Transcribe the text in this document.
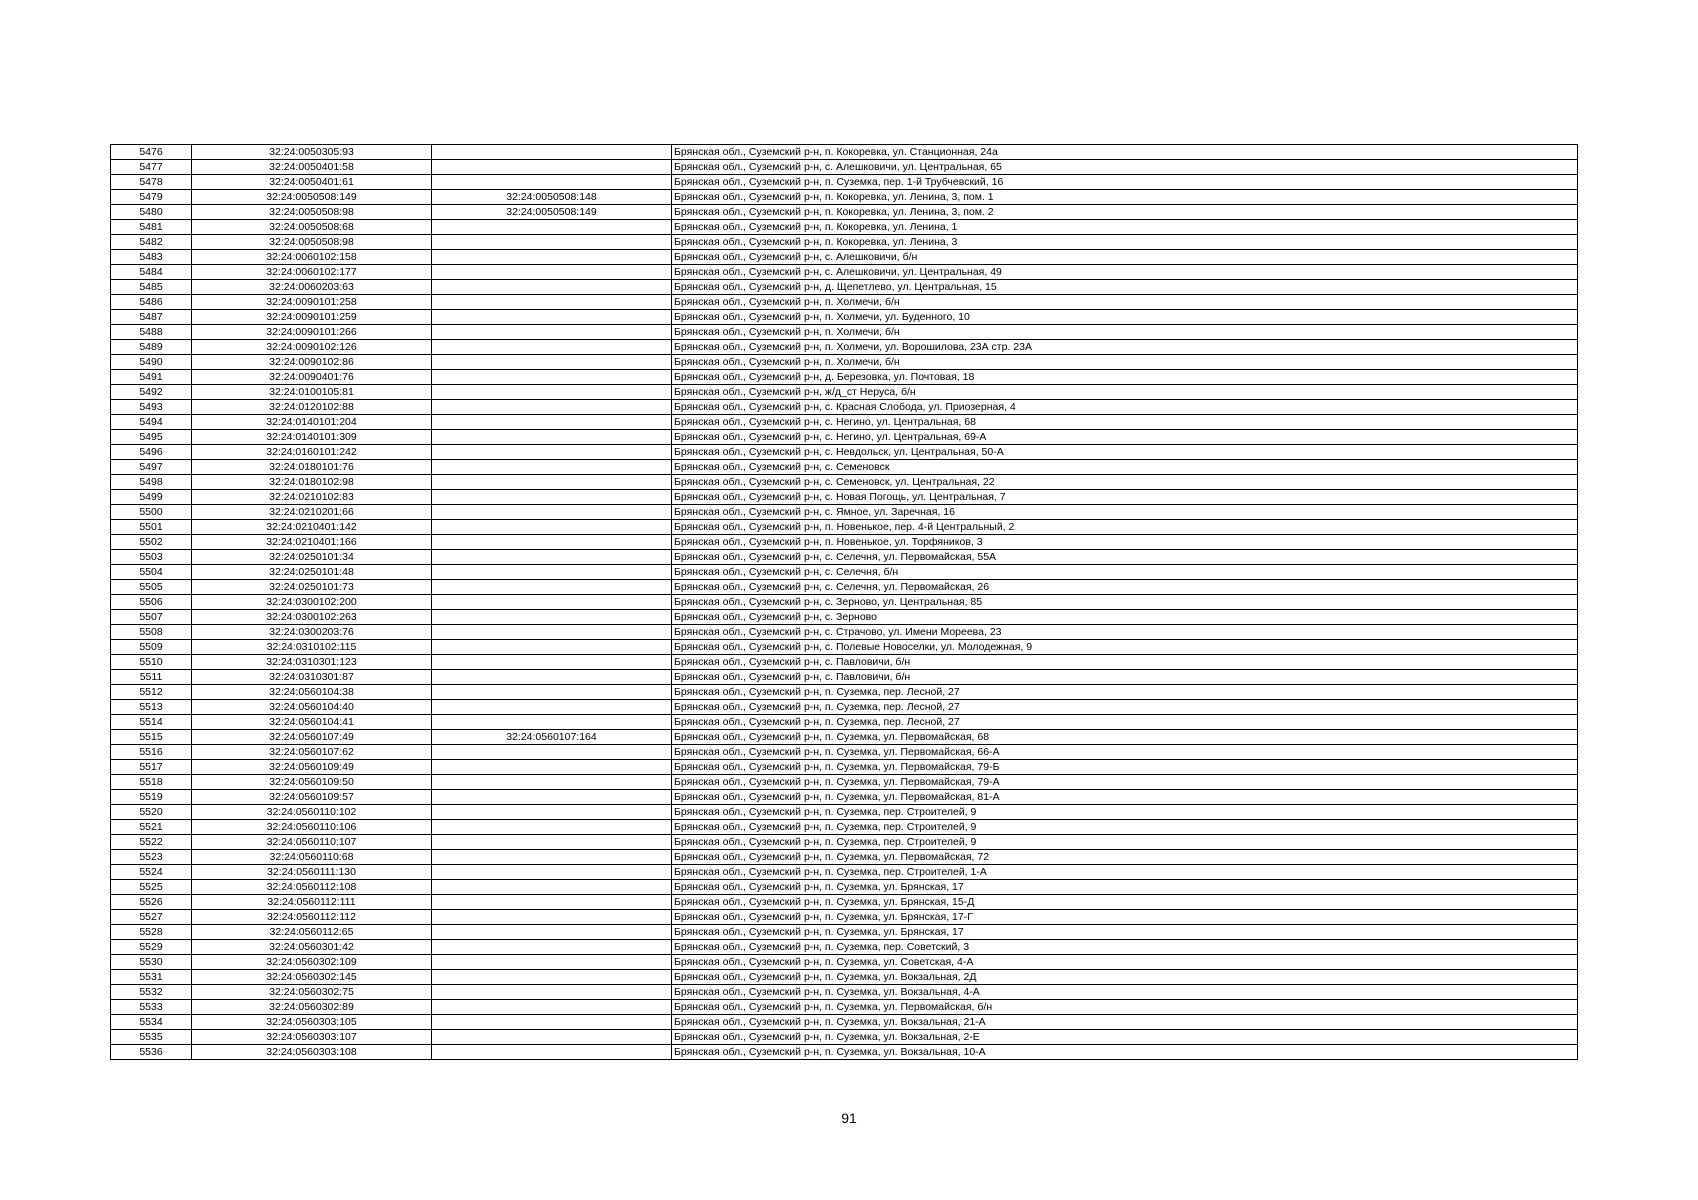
5476	32:24:0050305:93		Брянская обл., Суземский р-н, п. Кокоревка, ул. Станционная, 24а
5477	32:24:0050401:58		Брянская обл., Суземский р-н, с. Алешковичи, ул. Центральная, 65
5478	32:24:0050401:61		Брянская обл., Суземский р-н, п. Суземка, пер. 1-й Трубчевский, 16
5479	32:24:0050508:149	32:24:0050508:148	Брянская обл., Суземский р-н, п. Кокоревка, ул. Ленина, 3, пом. 1
5480	32:24:0050508:98	32:24:0050508:149	Брянская обл., Суземский р-н, п. Кокоревка, ул. Ленина, 3, пом. 2
5481	32:24:0050508:68		Брянская обл., Суземский р-н, п. Кокоревка, ул. Ленина, 1
5482	32:24:0050508:98		Брянская обл., Суземский р-н, п. Кокоревка, ул. Ленина, 3
5483	32:24:0060102:158		Брянская обл., Суземский р-н, с. Алешковичи, б/н
5484	32:24:0060102:177		Брянская обл., Суземский р-н, с. Алешковичи, ул. Центральная, 49
5485	32:24:0060203:63		Брянская обл., Суземский р-н, д. Щепетлево, ул. Центральная, 15
5486	32:24:0090101:258		Брянская обл., Суземский р-н, п. Холмечи, б/н
5487	32:24:0090101:259		Брянская обл., Суземский р-н, п. Холмечи, ул. Буденного, 10
5488	32:24:0090101:266		Брянская обл., Суземский р-н, п. Холмечи, б/н
5489	32:24:0090102:126		Брянская обл., Суземский р-н, п. Холмечи, ул. Ворошилова, 23А стр. 23А
5490	32:24:0090102:86		Брянская обл., Суземский р-н, п. Холмечи, б/н
5491	32:24:0090401:76		Брянская обл., Суземский р-н, д. Березовка, ул. Почтовая, 18
5492	32:24:0100105:81		Брянская обл., Суземский р-н, ж/д_ст Неруса, б/н
5493	32:24:0120102:88		Брянская обл., Суземский р-н, с. Красная Слобода, ул. Приозерная, 4
5494	32:24:0140101:204		Брянская обл., Суземский р-н, с. Негино, ул. Центральная, 68
5495	32:24:0140101:309		Брянская обл., Суземский р-н, с. Негино, ул. Центральная, 69-А
5496	32:24:0160101:242		Брянская обл., Суземский р-н, с. Невдольск, ул. Центральная, 50-А
5497	32:24:0180101:76		Брянская обл., Суземский р-н, с. Семеновск
5498	32:24:0180102:98		Брянская обл., Суземский р-н, с. Семеновск, ул. Центральная, 22
5499	32:24:0210102:83		Брянская обл., Суземский р-н, с. Новая Погощь, ул. Центральная, 7
5500	32:24:0210201:66		Брянская обл., Суземский р-н, с. Ямное, ул. Заречная, 16
5501	32:24:0210401:142		Брянская обл., Суземский р-н, п. Новенькое, пер. 4-й Центральный, 2
5502	32:24:0210401:166		Брянская обл., Суземский р-н, п. Новенькое, ул. Торфяников, 3
5503	32:24:0250101:34		Брянская обл., Суземский р-н, с. Селечня, ул. Первомайская, 55А
5504	32:24:0250101:48		Брянская обл., Суземский р-н, с. Селечня, б/н
5505	32:24:0250101:73		Брянская обл., Суземский р-н, с. Селечня, ул. Первомайская, 26
5506	32:24:0300102:200		Брянская обл., Суземский р-н, с. Зерново, ул. Центральная, 85
5507	32:24:0300102:263		Брянская обл., Суземский р-н, с. Зерново
5508	32:24:0300203:76		Брянская обл., Суземский р-н, с. Страчово, ул. Имени Мореева, 23
5509	32:24:0310102:115		Брянская обл., Суземский р-н, с. Полевые Новоселки, ул. Молодежная, 9
5510	32:24:0310301:123		Брянская обл., Суземский р-н, с. Павловичи, б/н
5511	32:24:0310301:87		Брянская обл., Суземский р-н, с. Павловичи, б/н
5512	32:24:0560104:38		Брянская обл., Суземский р-н, п. Суземка, пер. Лесной, 27
5513	32:24:0560104:40		Брянская обл., Суземский р-н, п. Суземка, пер. Лесной, 27
5514	32:24:0560104:41		Брянская обл., Суземский р-н, п. Суземка, пер. Лесной, 27
5515	32:24:0560107:49	32:24:0560107:164	Брянская обл., Суземский р-н, п. Суземка, ул. Первомайская, 68
5516	32:24:0560107:62		Брянская обл., Суземский р-н, п. Суземка, ул. Первомайская, 66-А
5517	32:24:0560109:49		Брянская обл., Суземский р-н, п. Суземка, ул. Первомайская, 79-Б
5518	32:24:0560109:50		Брянская обл., Суземский р-н, п. Суземка, ул. Первомайская, 79-А
5519	32:24:0560109:57		Брянская обл., Суземский р-н, п. Суземка, ул. Первомайская, 81-А
5520	32:24:0560110:102		Брянская обл., Суземский р-н, п. Суземка, пер. Строителей, 9
5521	32:24:0560110:106		Брянская обл., Суземский р-н, п. Суземка, пер. Строителей, 9
5522	32:24:0560110:107		Брянская обл., Суземский р-н, п. Суземка, пер. Строителей, 9
5523	32:24:0560110:68		Брянская обл., Суземский р-н, п. Суземка, ул. Первомайская, 72
5524	32:24:0560111:130		Брянская обл., Суземский р-н, п. Суземка, пер. Строителей, 1-А
5525	32:24:0560112:108		Брянская обл., Суземский р-н, п. Суземка, ул. Брянская, 17
5526	32:24:0560112:111		Брянская обл., Суземский р-н, п. Суземка, ул. Брянская, 15-Д
5527	32:24:0560112:112		Брянская обл., Суземский р-н, п. Суземка, ул. Брянская, 17-Г
5528	32:24:0560112:65		Брянская обл., Суземский р-н, п. Суземка, ул. Брянская, 17
5529	32:24:0560301:42		Брянская обл., Суземский р-н, п. Суземка, пер. Советский, 3
5530	32:24:0560302:109		Брянская обл., Суземский р-н, п. Суземка, ул. Советская, 4-А
5531	32:24:0560302:145		Брянская обл., Суземский р-н, п. Суземка, ул. Вокзальная, 2Д
5532	32:24:0560302:75		Брянская обл., Суземский р-н, п. Суземка, ул. Вокзальная, 4-А
5533	32:24:0560302:89		Брянская обл., Суземский р-н, п. Суземка, ул. Первомайская, б/н
5534	32:24:0560303:105		Брянская обл., Суземский р-н, п. Суземка, ул. Вокзальная, 21-А
5535	32:24:0560303:107		Брянская обл., Суземский р-н, п. Суземка, ул. Вокзальная, 2-Е
5536	32:24:0560303:108		Брянская обл., Суземский р-н, п. Суземка, ул. Вокзальная, 10-А
91
